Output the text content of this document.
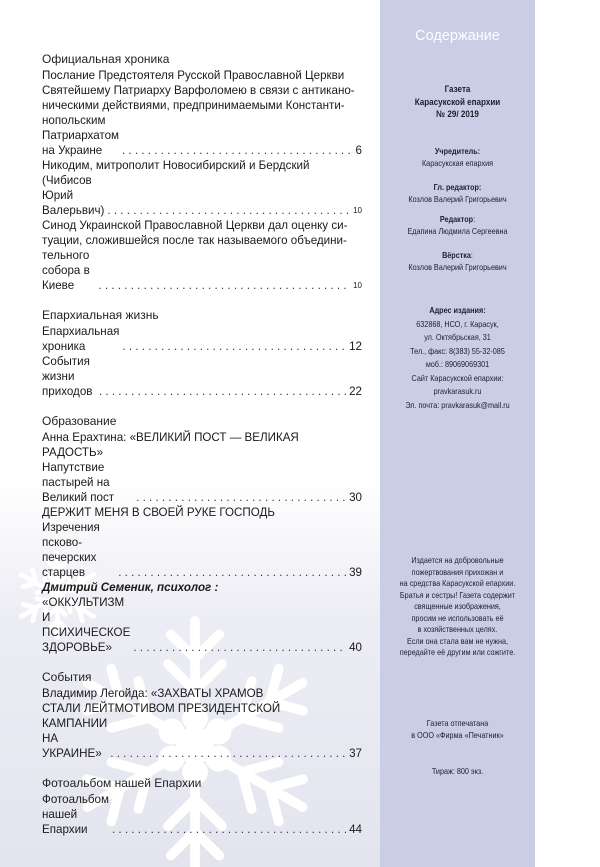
Официальная хроника
Послание Предстоятеля Русской Православной Церкви
Святейшему Патриарху Варфоломею в связи с антикано-
ническими действиями, предпринимаемыми Константи-
нопольским Патриархатом на Украине . . .	6
Никодим, митрополит Новосибирский и Бердский
(Чибисов Юрий Валерьвич) . . .	10
Синод Украинской Православной Церкви дал оценку си-
туации, сложившейся после так называемого объедини-
тельного собора в Киеве . . .	10
Епархиальная жизнь
Епархиальная хроника . . .	12
События жизни приходов . . .	22
Образование
Анна Ерахтина: «ВЕЛИКИЙ ПОСТ — ВЕЛИКАЯ
РАДОСТЬ» Напутствие пастырей на Великий пост . . .	30
ДЕРЖИТ МЕНЯ В СВОЕЙ РУКЕ ГОСПОДЬ
Изречения псково-печерских старцев . . .	39
Дмитрий Семеник, психолог :
«ОККУЛЬТИЗМ И ПСИХИЧЕСКОЕ ЗДОРОВЬЕ» . . .	40
События
Владимир Легойда: «ЗАХВАТЫ ХРАМОВ
СТАЛИ ЛЕЙТМОТИВОМ ПРЕЗИДЕНТСКОЙ
КАМПАНИИ НА УКРАИНЕ» . . .	37
Фотоальбом нашей Епархии
Фотоальбом нашей Епархии . . .	44
Содержание
Газета
Карасукской епархии
№ 29/ 2019
Учредитель:
Карасукская епархия
Гл. редактор:
Козлов Валерий Григорьевич
Редактор:
Едапина Людмила Сергеевна
Вёрстка:
Козлов Валерий Григорьевич
Адрес издания:
632868, НСО, г. Карасук,
ул. Октябрьская, 31
Тел., факс: 8(383) 55-32-085
моб.: 89069069301
Сайт Карасукской епархии:
pravkarasuk.ru
Эл. почта: pravkarasuk@mail.ru
Издается на добровольные
пожертвования прихожан и
на средства Карасукской епархии.
Братья и сестры! Газета содержит
священные изображения,
просим не использовать её
в хозяйственных целях.
Если она стала вам не нужна,
передайте её другим или сожгите.
Газета отпечатана
в ООО «Фирма «Печатник»
Тираж: 800 экз.
